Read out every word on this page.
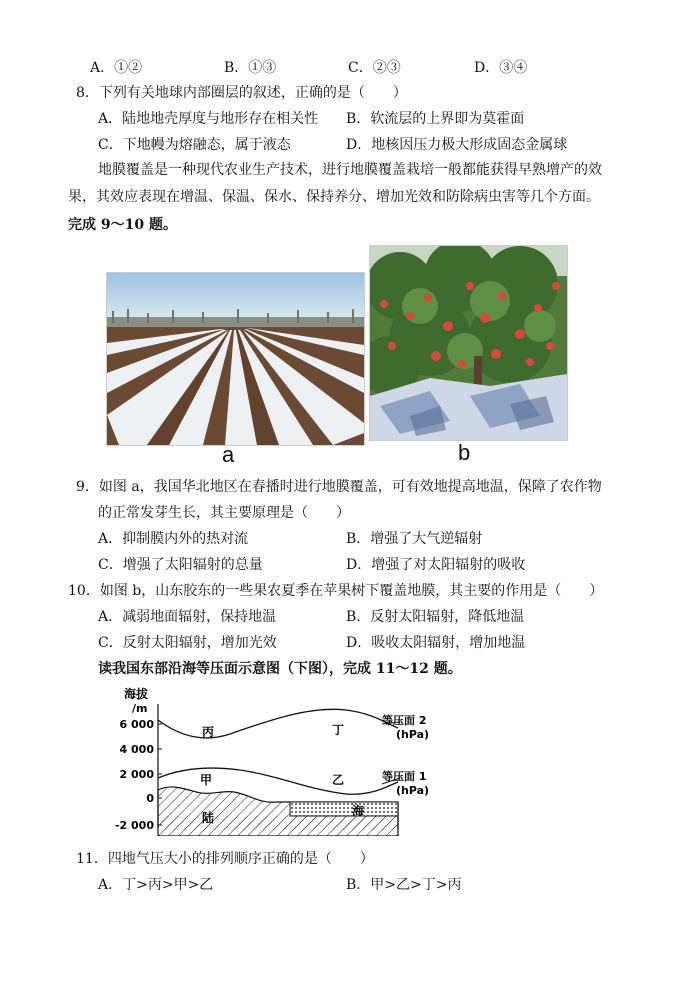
A．①②	B．①③	C．②③	D．③④
8．下列有关地球内部圈层的叙述，正确的是（　　）
A．陆地地壳厚度与地形存在相关性 B．软流层的上界即为莫霍面
C．下地幔为熔融态，属于液态	D．地核因压力极大形成固态金属球
地膜覆盖是一种现代农业生产技术，进行地膜覆盖栽培一般都能获得早熟增产的效
果，其效应表现在增温、保温、保水、保持养分、增加光效和防除病虫害等几个方面。
完成 9～10 题。
a	b
9．如图 a，我国华北地区在春播时进行地膜覆盖，可有效地提高地温，保障了农作物
的正常发芽生长，其主要原理是（　　）
A．抑制膜内外的热对流	B．增强了大气逆辐射
C．增强了太阳辐射的总量	D．增强了对太阳辐射的吸收
10．如图 b，山东胶东的一些果农夏季在苹果树下覆盖地膜，其主要的作用是（　　）
A．减弱地面辐射，保持地温	B．反射太阳辐射，降低地温
C．反射太阳辐射，增加光效	D．吸收太阳辐射，增加地温
读我国东部沿海等压面示意图（下图），完成 11～12 题。
海拔
/m
6 000
4 000
2 000
0
-2 000
陆	海
丙	丁
甲	乙
等压面 2
(hPa)
等压面 1
(hPa)
11．四地气压大小的排列顺序正确的是（　　）
A．丁>丙>甲>乙	B．甲>乙>丁>丙
